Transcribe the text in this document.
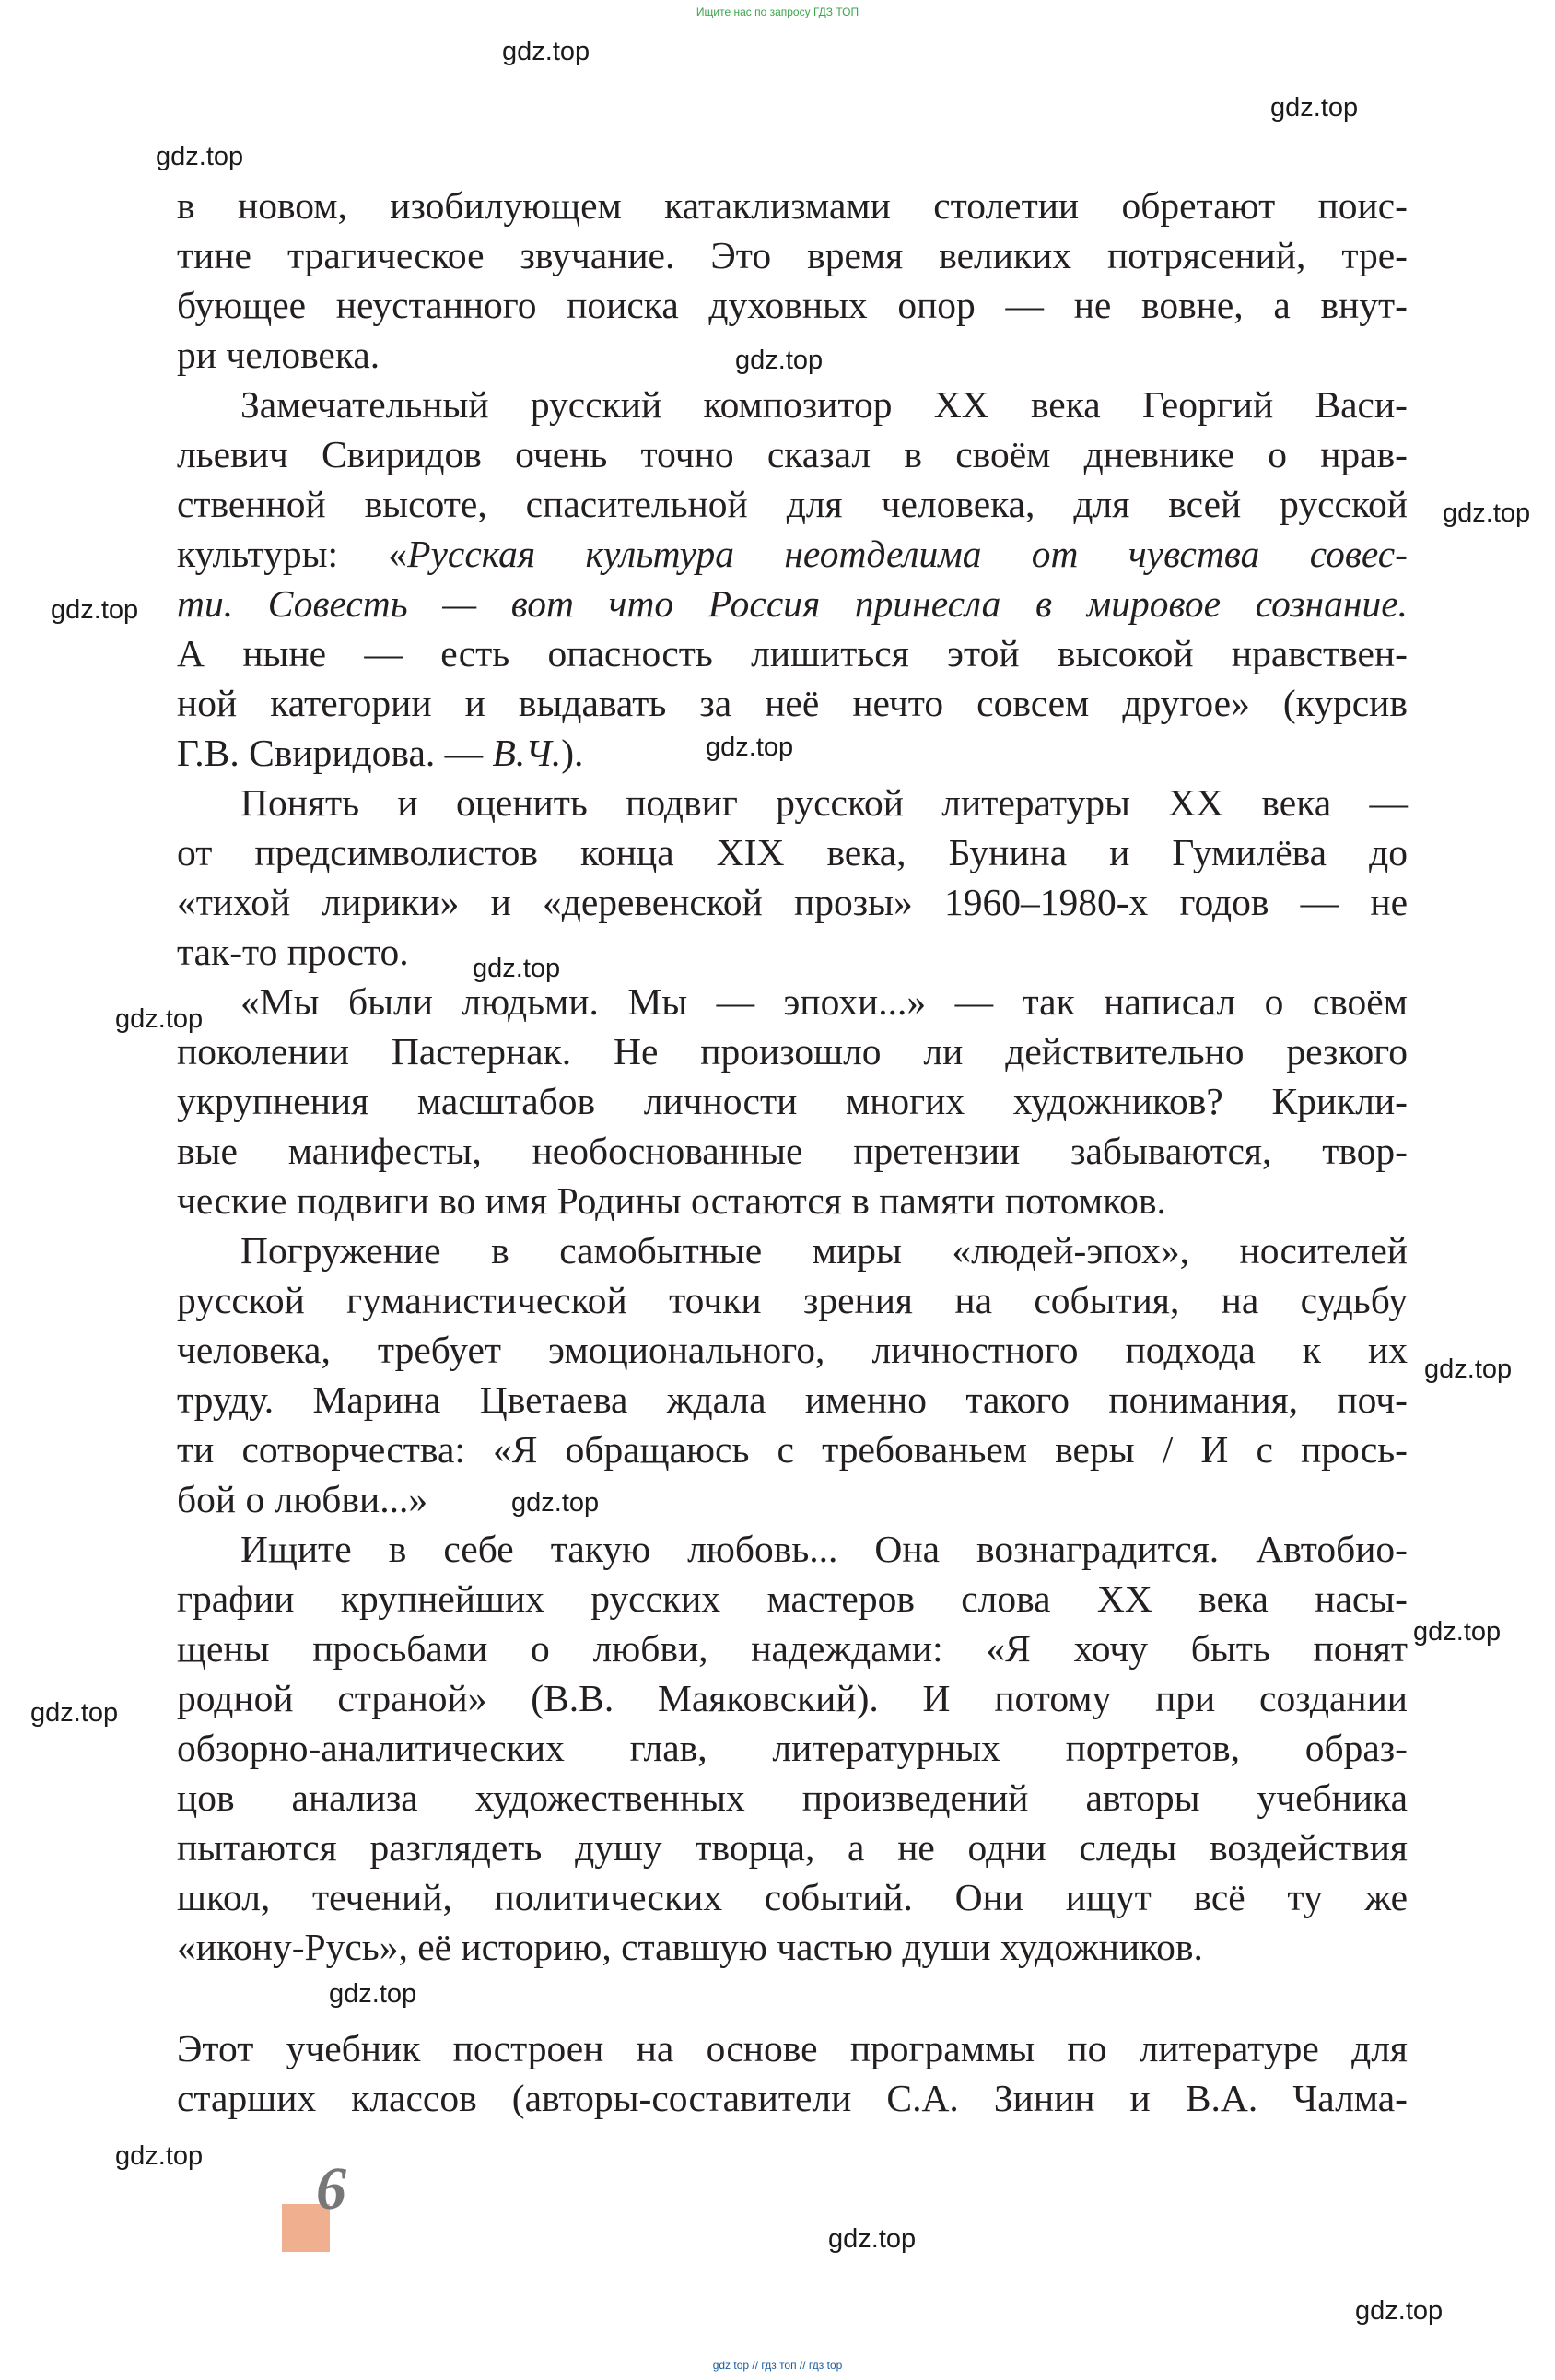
Ищите нас по запросу ГДЗ ТОП
gdz.top
gdz.top
gdz.top
gdz.top
gdz.top
gdz.top
gdz.top
gdz.top
gdz.top
gdz.top
gdz.top
gdz.top
gdz.top
gdz.top
gdz.top
gdz.top
gdz.top
в новом, изобилующем катаклизмами столетии обретают поис-
тине трагическое звучание. Это время великих потрясений, тре-
бующее неустанного поиска духовных опор — не вовне, а внут-
ри человека.
Замечательный русский композитор XX века Георгий Васи-
льевич Свиридов очень точно сказал в своём дневнике о нрав-
ственной высоте, спасительной для человека, для всей русской
культуры: «Русская культура неотделима от чувства совес-
ти. Совесть — вот что Россия принесла в мировое сознание.
А ныне — есть опасность лишиться этой высокой нравствен-
ной категории и выдавать за неё нечто совсем другое» (курсив
Г.В. Свиридова. — В.Ч.).
Понять и оценить подвиг русской литературы XX века —
от предсимволистов конца XIX века, Бунина и Гумилёва до
«тихой лирики» и «деревенской прозы» 1960–1980-х годов — не
так-то просто.
«Мы были людьми. Мы — эпохи...» — так написал о своём
поколении Пастернак. Не произошло ли действительно резкого
укрупнения масштабов личности многих художников? Крикли-
вые манифесты, необоснованные претензии забываются, твор-
ческие подвиги во имя Родины остаются в памяти потомков.
Погружение в самобытные миры «людей-эпох», носителей
русской гуманистической точки зрения на события, на судьбу
человека, требует эмоционального, личностного подхода к их
труду. Марина Цветаева ждала именно такого понимания, поч-
ти сотворчества: «Я обращаюсь с требованьем веры / И с прось-
бой о любви...»
Ищите в себе такую любовь... Она вознаградится. Автобио-
графии крупнейших русских мастеров слова XX века насы-
щены просьбами о любви, надеждами: «Я хочу быть понят
родной страной» (В.В. Маяковский). И потому при создании
обзорно-аналитических глав, литературных портретов, образ-
цов анализа художественных произведений авторы учебника
пытаются разглядеть душу творца, а не одни следы воздействия
школ, течений, политических событий. Они ищут всё ту же
«икону-Русь», её историю, ставшую частью души художников.
Этот учебник построен на основе программы по литературе для
старших классов (авторы-составители С.А. Зинин и В.А. Чалма-
6
gdz top // гдз топ // гдз top
